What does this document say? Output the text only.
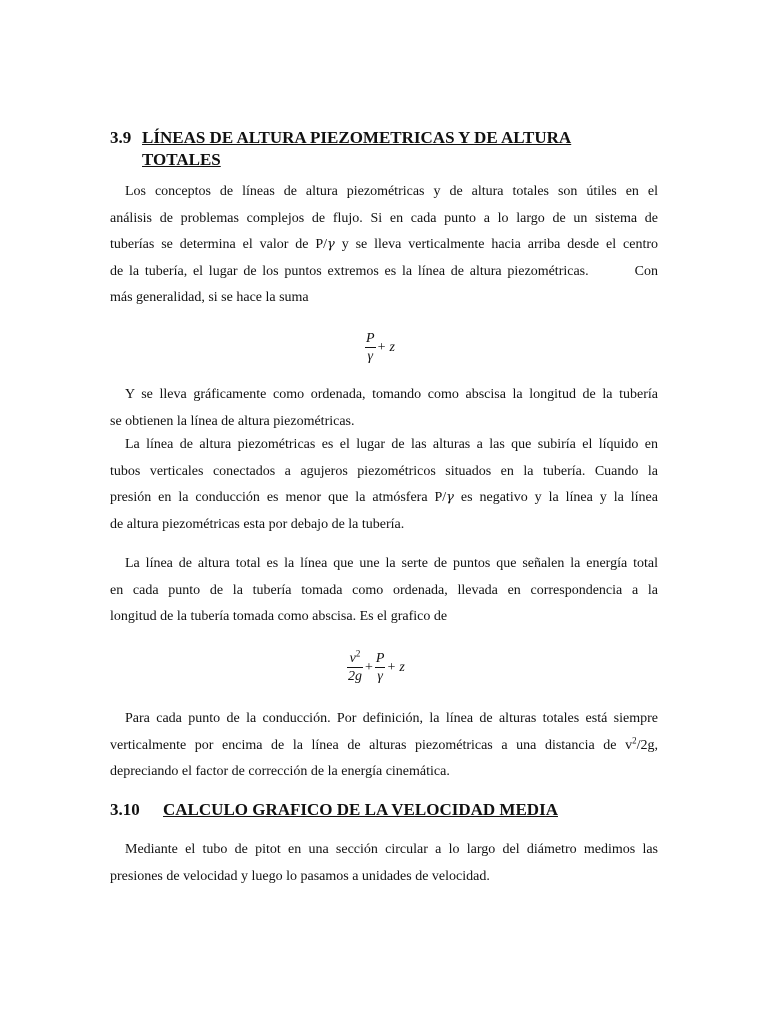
3.9 LÍNEAS DE ALTURA PIEZOMETRICAS Y DE ALTURA
TOTALES
Los conceptos de líneas de altura piezométricas y de altura totales son útiles en el
análisis de problemas complejos de flujo. Si en cada punto a lo largo de un sistema de
tuberías se determina el valor de P/γ y se lleva verticalmente hacia arriba desde el centro
de la tubería, el lugar de los puntos extremos es la línea de altura piezométricas.	Con
más generalidad, si se hace la suma
$\frac{P}{\gamma} + z$
Y se lleva gráficamente como ordenada, tomando como abscisa la longitud de la tubería
se obtienen la línea de altura piezométricas.
La línea de altura piezométricas es el lugar de las alturas a las que subiría el líquido en
tubos verticales conectados a agujeros piezométricos situados en la tubería. Cuando la
presión en la conducción es menor que la atmósfera P/γ es negativo y la línea y la línea
de altura piezométricas esta por debajo de la tubería.
La línea de altura total es la línea que une la serte de puntos que señalen la energía total
en cada punto de la tubería tomada como ordenada, llevada en correspondencia a la
longitud de la tubería tomada como abscisa. Es el grafico de
$\frac{v^2}{2g} + \frac{P}{\gamma} + z$
Para cada punto de la conducción. Por definición, la línea de alturas totales está siempre
verticalmente por encima de la línea de alturas piezométricas a una distancia de $v^2/2g$,
depreciando el factor de corrección de la energía cinemática.
3.10 CALCULO GRAFICO DE LA VELOCIDAD MEDIA
Mediante el tubo de pitot en una sección circular a lo largo del diámetro medimos las
presiones de velocidad y luego lo pasamos a unidades de velocidad.
